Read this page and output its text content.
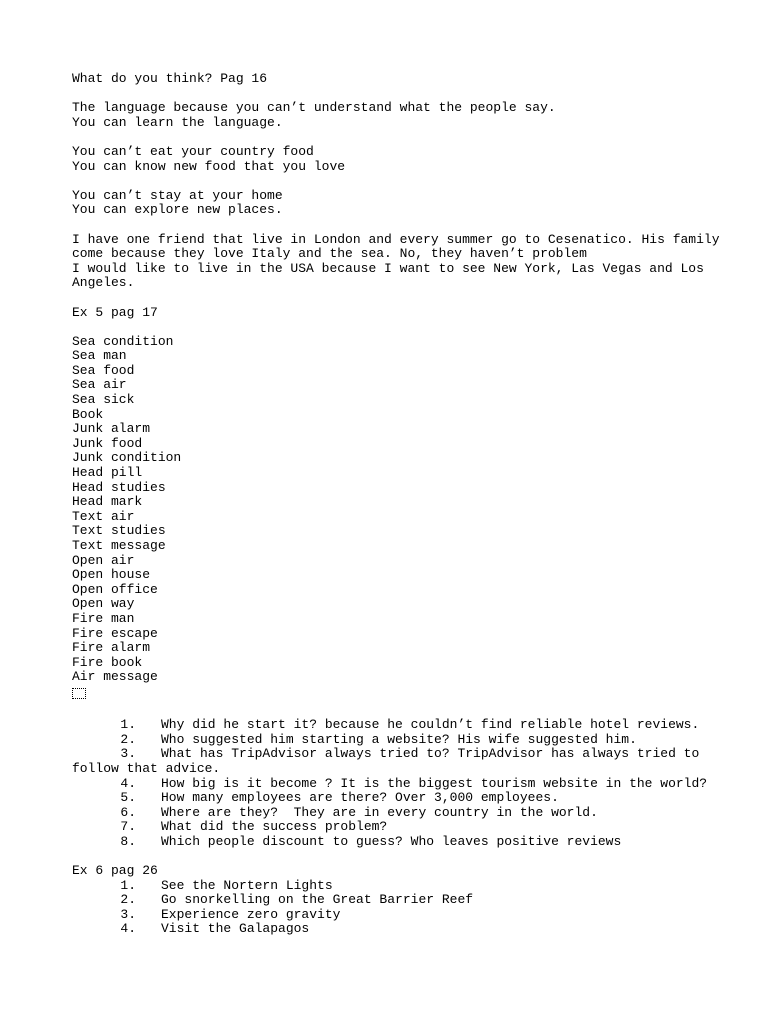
What do you think? Pag 16
The language because you can’t understand what the people say.
You can learn the language.
You can’t eat your country food
You can know new food that you love
You can’t stay at your home
You can explore new places.
I have one friend that live in London and every summer go to Cesenatico. His family
come because they love Italy and the sea. No, they haven’t problem
I would like to live in the USA because I want to see New York, Las Vegas and Los
Angeles.
Ex 5 pag 17
Sea condition
Sea man
Sea food
Sea air
Sea sick
Book
Junk alarm
Junk food
Junk condition
Head pill
Head studies
Head mark
Text air
Text studies
Text message
Open air
Open house
Open office
Open way
Fire man
Fire escape
Fire alarm
Fire book
Air message
1. Why did he start it? because he couldn’t find reliable hotel reviews.
2. Who suggested him starting a website? His wife suggested him.
3. What has TripAdvisor always tried to? TripAdvisor has always tried to
follow that advice.
4. How big is it become ? It is the biggest tourism website in the world?
5. How many employees are there? Over 3,000 employees.
6. Where are they?  They are in every country in the world.
7. What did the success problem?
8. Which people discount to guess? Who leaves positive reviews
Ex 6 pag 26
1. See the Nortern Lights
2. Go snorkelling on the Great Barrier Reef
3. Experience zero gravity
4. Visit the Galapagos
